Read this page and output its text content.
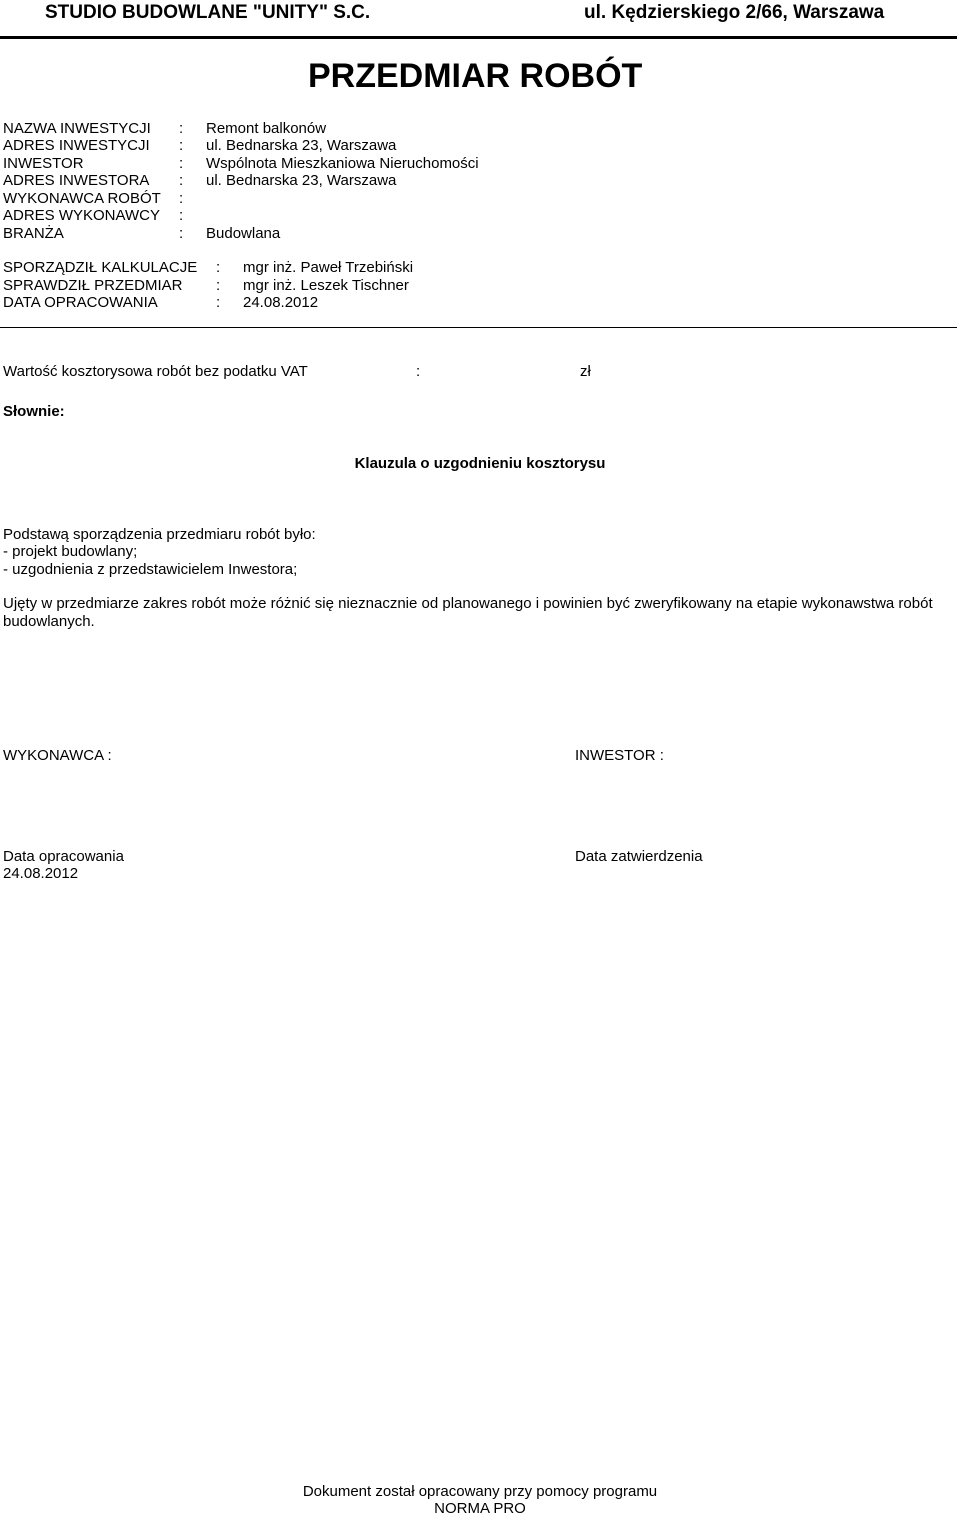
STUDIO BUDOWLANE "UNITY" S.C.	ul. Kędzierskiego 2/66, Warszawa
PRZEDMIAR ROBÓT
NAZWA INWESTYCJI : Remont balkonów
ADRES INWESTYCJI : ul. Bednarska 23, Warszawa
INWESTOR	: Wspólnota Mieszkaniowa Nieruchomości
ADRES INWESTORA : ul. Bednarska 23, Warszawa
WYKONAWCA ROBÓT :
ADRES WYKONAWCY :
BRANŻA	: Budowlana
SPORZĄDZIŁ KALKULACJE : mgr inż. Paweł Trzebiński
SPRAWDZIŁ PRZEDMIAR : mgr inż. Leszek Tischner
DATA OPRACOWANIA	: 24.08.2012
Wartość kosztorysowa robót bez podatku VAT	:	zł
Słownie:
Klauzula o uzgodnieniu kosztorysu
Podstawą sporządzenia przedmiaru robót było:
- projekt budowlany;
- uzgodnienia z przedstawicielem Inwestora;
Ujęty w przedmiarze zakres robót może różnić się nieznacznie od planowanego i powinien być zweryfikowany na etapie wykonawstwa robót budowlanych.
WYKONAWCA :	INWESTOR :
Data opracowania
24.08.2012
Data zatwierdzenia
Dokument został opracowany przy pomocy programu
NORMA PRO
